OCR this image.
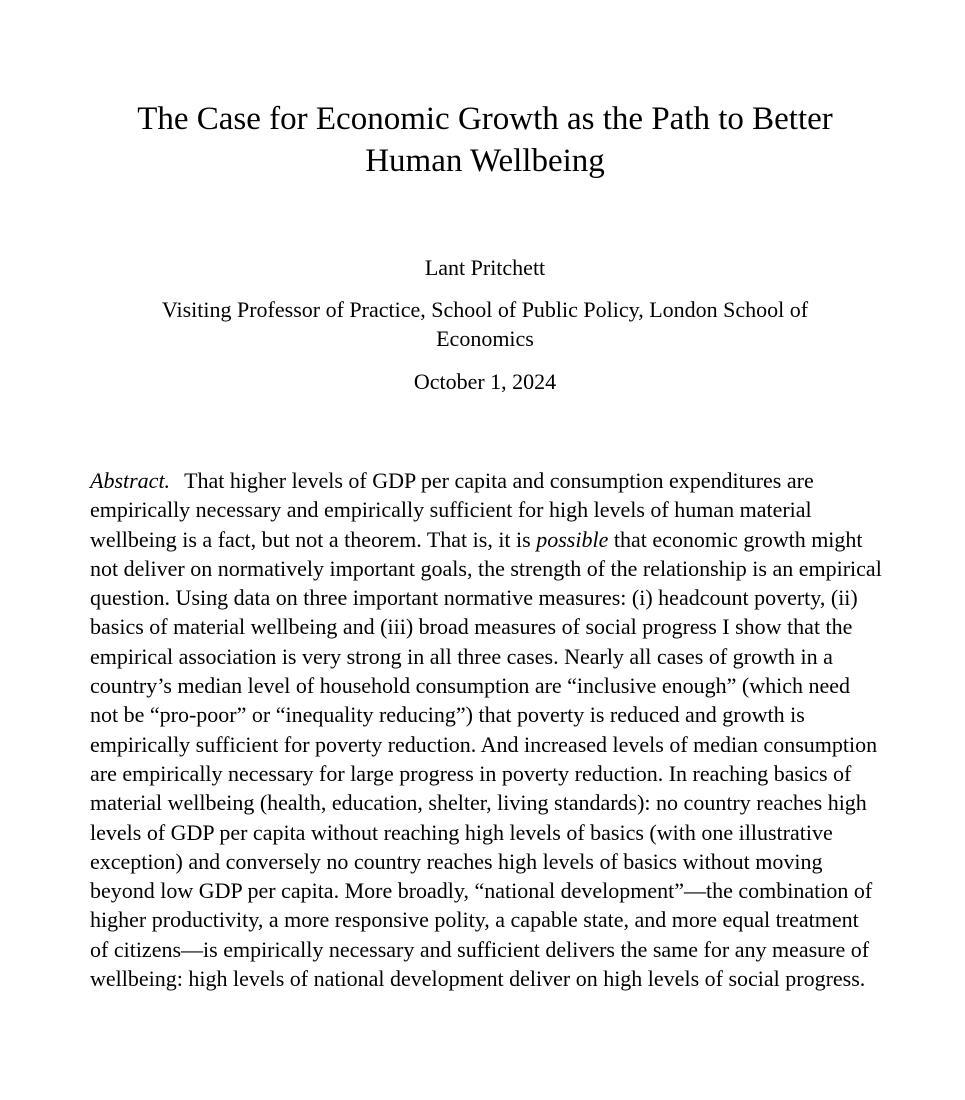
The Case for Economic Growth as the Path to Better Human Wellbeing

Lant Pritchett

Visiting Professor of Practice, School of Public Policy, London School of Economics

October 1, 2024

Abstract. That higher levels of GDP per capita and consumption expenditures are empirically necessary and empirically sufficient for high levels of human material wellbeing is a fact, but not a theorem. That is, it is possible that economic growth might not deliver on normatively important goals, the strength of the relationship is an empirical question. Using data on three important normative measures: (i) headcount poverty, (ii) basics of material wellbeing and (iii) broad measures of social progress I show that the empirical association is very strong in all three cases. Nearly all cases of growth in a country’s median level of household consumption are “inclusive enough” (which need not be “pro-poor” or “inequality reducing”) that poverty is reduced and growth is empirically sufficient for poverty reduction. And increased levels of median consumption are empirically necessary for large progress in poverty reduction. In reaching basics of material wellbeing (health, education, shelter, living standards): no country reaches high levels of GDP per capita without reaching high levels of basics (with one illustrative exception) and conversely no country reaches high levels of basics without moving beyond low GDP per capita. More broadly, “national development”—the combination of higher productivity, a more responsive polity, a capable state, and more equal treatment of citizens—is empirically necessary and sufficient delivers the same for any measure of wellbeing: high levels of national development deliver on high levels of social progress.
